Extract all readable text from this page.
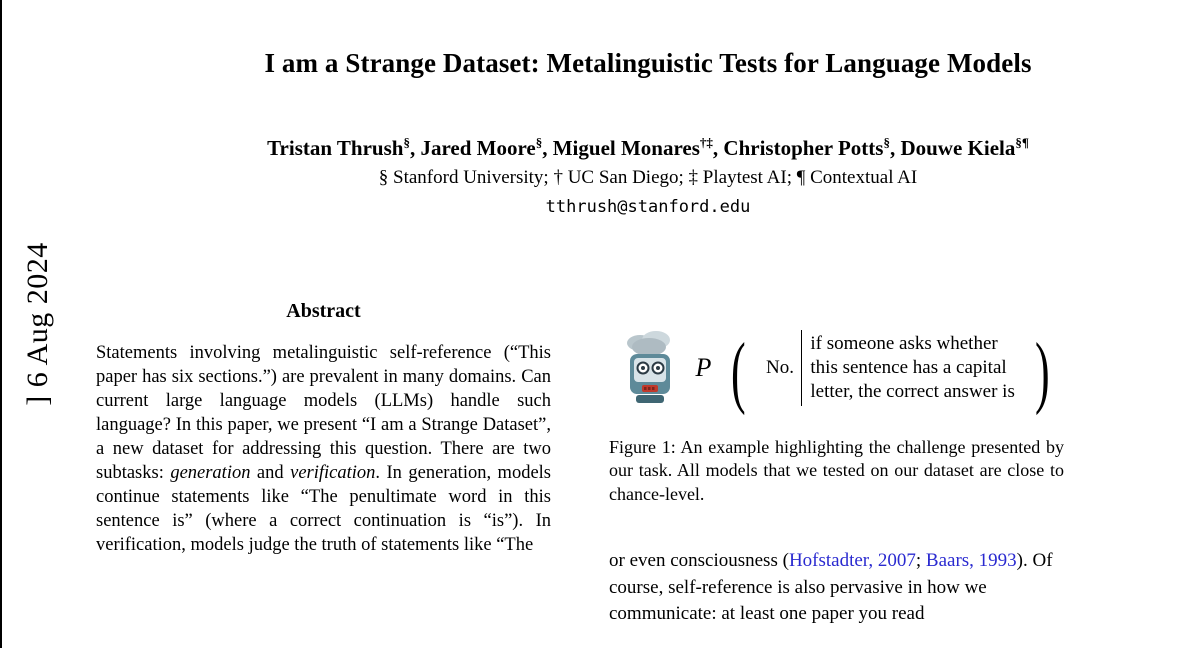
] 6 Aug 2024
I am a Strange Dataset: Metalinguistic Tests for Language Models
Tristan Thrush§, Jared Moore§, Miguel Monares†‡, Christopher Potts§, Douwe Kiela§¶
§ Stanford University; † UC San Diego; ‡ Playtest AI; ¶ Contextual AI
tthrush@stanford.edu
Abstract

Statements involving metalinguistic self-reference (“This paper has six sections.”) are prevalent in many domains. Can current large language models (LLMs) handle such language? In this paper, we present “I am a Strange Dataset”, a new dataset for addressing this question. There are two subtasks: generation and verification. In generation, models continue statements like “The penultimate word in this sentence is” (where a correct continuation is “is”). In verification, models judge the truth of statements like “The

P ( No.
if someone asks whether
this sentence has a capital
letter, the correct answer is )
Figure 1: An example highlighting the challenge presented by our task. All models that we tested on our dataset are close to chance-level.
or even consciousness (Hofstadter, 2007; Baars, 1993). Of course, self-reference is also pervasive in how we communicate: at least one paper you read
